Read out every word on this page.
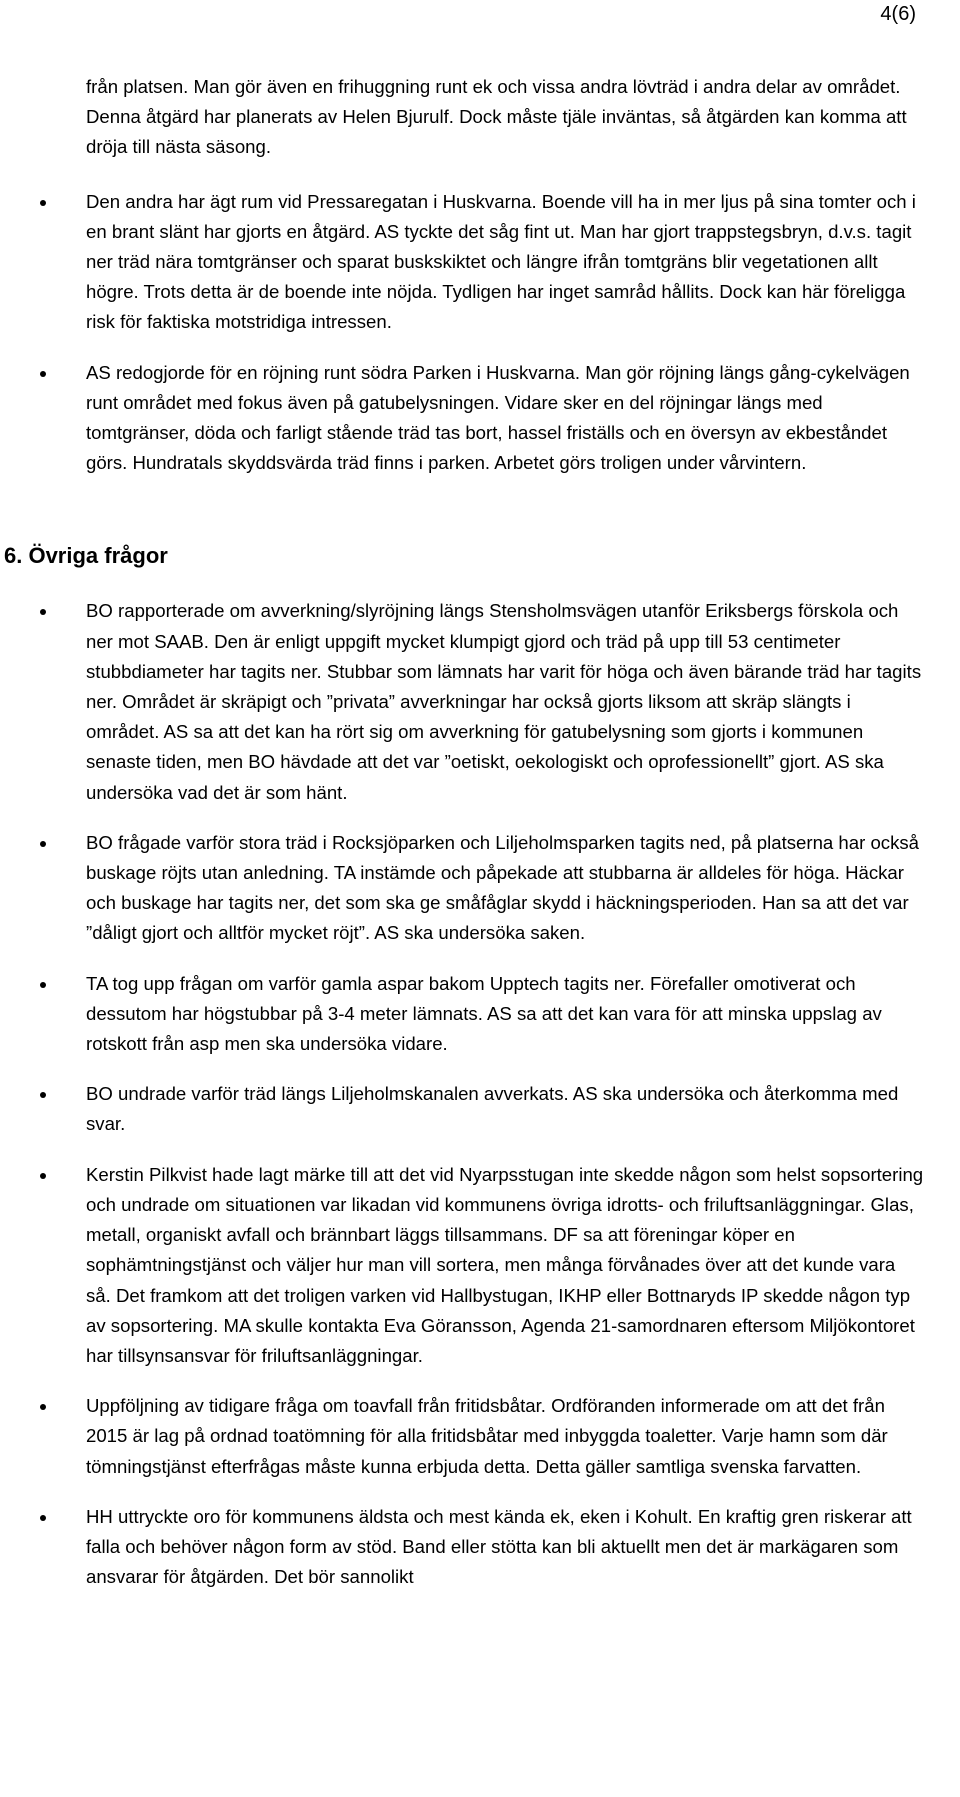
4(6)

från platsen. Man gör även en frihuggning runt ek och vissa andra lövträd i andra delar av området. Denna åtgärd har planerats av Helen Bjurulf. Dock måste tjäle inväntas, så åtgärden kan komma att dröja till nästa säsong.

Den andra har ägt rum vid Pressaregatan i Huskvarna. Boende vill ha in mer ljus på sina tomter och i en brant slänt har gjorts en åtgärd. AS tyckte det såg fint ut. Man har gjort trappstegsbryn, d.v.s. tagit ner träd nära tomtgränser och sparat buskskiktet och längre ifrån tomtgräns blir vegetationen allt högre. Trots detta är de boende inte nöjda. Tydligen har inget samråd hållits. Dock kan här föreligga risk för faktiska motstridiga intressen.
AS redogjorde för en röjning runt södra Parken i Huskvarna. Man gör röjning längs gång-cykelvägen runt området med fokus även på gatubelysningen. Vidare sker en del röjningar längs med tomtgränser, döda och farligt stående träd tas bort, hassel friställs och en översyn av ekbeståndet görs. Hundratals skyddsvärda träd finns i parken. Arbetet görs troligen under vårvintern.
6. Övriga frågor
BO rapporterade om avverkning/slyröjning längs Stensholmsvägen utanför Eriksbergs förskola och ner mot SAAB. Den är enligt uppgift mycket klumpigt gjord och träd på upp till 53 centimeter stubbdiameter har tagits ner. Stubbar som lämnats har varit för höga och även bärande träd har tagits ner. Området är skräpigt och ”privata” avverkningar har också gjorts liksom att skräp slängts i området. AS sa att det kan ha rört sig om avverkning för gatubelysning som gjorts i kommunen senaste tiden, men BO hävdade att det var ”oetiskt, oekologiskt och oprofessionellt” gjort. AS ska undersöka vad det är som hänt.
BO frågade varför stora träd i Rocksjöparken och Liljeholmsparken tagits ned, på platserna har också buskage röjts utan anledning. TA instämde och påpekade att stubbarna är alldeles för höga. Häckar och buskage har tagits ner, det som ska ge småfåglar skydd i häckningsperioden. Han sa att det var ”dåligt gjort och alltför mycket röjt”. AS ska undersöka saken.
TA tog upp frågan om varför gamla aspar bakom Upptech tagits ner. Förefaller omotiverat och dessutom har högstubbar på 3-4 meter lämnats. AS sa att det kan vara för att minska uppslag av rotskott från asp men ska undersöka vidare.
BO undrade varför träd längs Liljeholmskanalen avverkats. AS ska undersöka och återkomma med svar.
Kerstin Pilkvist hade lagt märke till att det vid Nyarpsstugan inte skedde någon som helst sopsortering och undrade om situationen var likadan vid kommunens övriga idrotts- och friluftsanläggningar. Glas, metall, organiskt avfall och brännbart läggs tillsammans. DF sa att föreningar köper en sophämtningstjänst och väljer hur man vill sortera, men många förvånades över att det kunde vara så. Det framkom att det troligen varken vid Hallbystugan, IKHP eller Bottnaryds IP skedde någon typ av sopsortering. MA skulle kontakta Eva Göransson, Agenda 21-samordnaren eftersom Miljökontoret har tillsynsansvar för friluftsanläggningar.
Uppföljning av tidigare fråga om toavfall från fritidsbåtar. Ordföranden informerade om att det från 2015 är lag på ordnad toatömning för alla fritidsbåtar med inbyggda toaletter. Varje hamn som där tömningstjänst efterfrågas måste kunna erbjuda detta. Detta gäller samtliga svenska farvatten.
HH uttryckte oro för kommunens äldsta och mest kända ek, eken i Kohult. En kraftig gren riskerar att falla och behöver någon form av stöd. Band eller stötta kan bli aktuellt men det är markägaren som ansvarar för åtgärden. Det bör sannolikt
